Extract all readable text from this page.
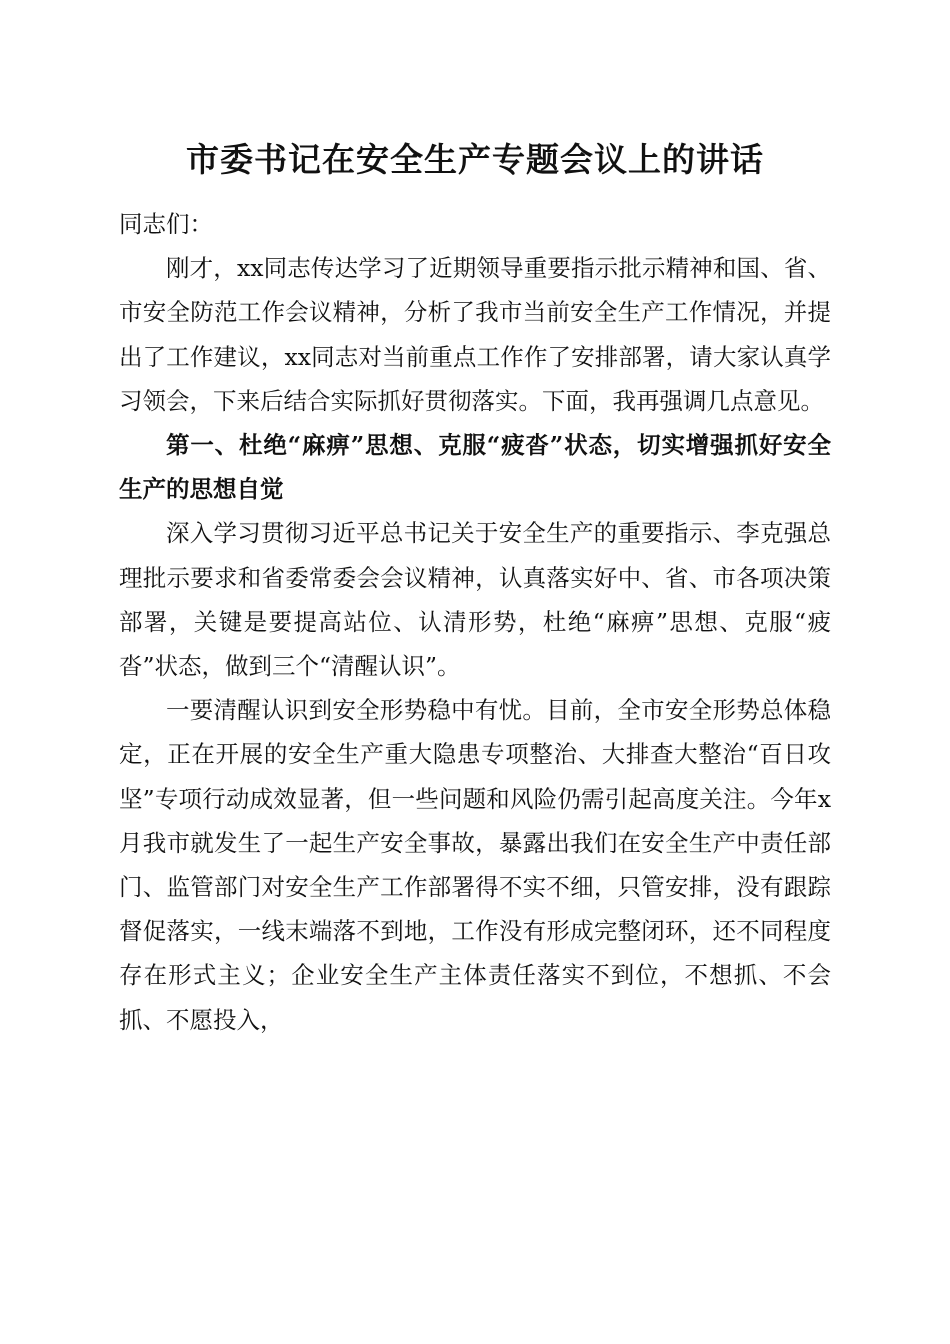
市委书记在安全生产专题会议上的讲话

同志们：

刚才，xx同志传达学习了近期领导重要指示批示精神和国、省、市安全防范工作会议精神，分析了我市当前安全生产工作情况，并提出了工作建议，xx同志对当前重点工作作了安排部署，请大家认真学习领会，下来后结合实际抓好贯彻落实。下面，我再强调几点意见。

第一、杜绝“麻痹”思想、克服“疲沓”状态，切实增强抓好安全生产的思想自觉

深入学习贯彻习近平总书记关于安全生产的重要指示、李克强总理批示要求和省委常委会会议精神，认真落实好中、省、市各项决策部署，关键是要提高站位、认清形势，杜绝“麻痹”思想、克服“疲沓”状态，做到三个“清醒认识”。

一要清醒认识到安全形势稳中有忧。目前，全市安全形势总体稳定，正在开展的安全生产重大隐患专项整治、大排查大整治“百日攻坚”专项行动成效显著，但一些问题和风险仍需引起高度关注。今年x月我市就发生了一起生产安全事故，暴露出我们在安全生产中责任部门、监管部门对安全生产工作部署得不实不细，只管安排，没有跟踪督促落实，一线末端落不到地，工作没有形成完整闭环，还不同程度存在形式主义；企业安全生产主体责任落实不到位，不想抓、不会抓、不愿投入，
